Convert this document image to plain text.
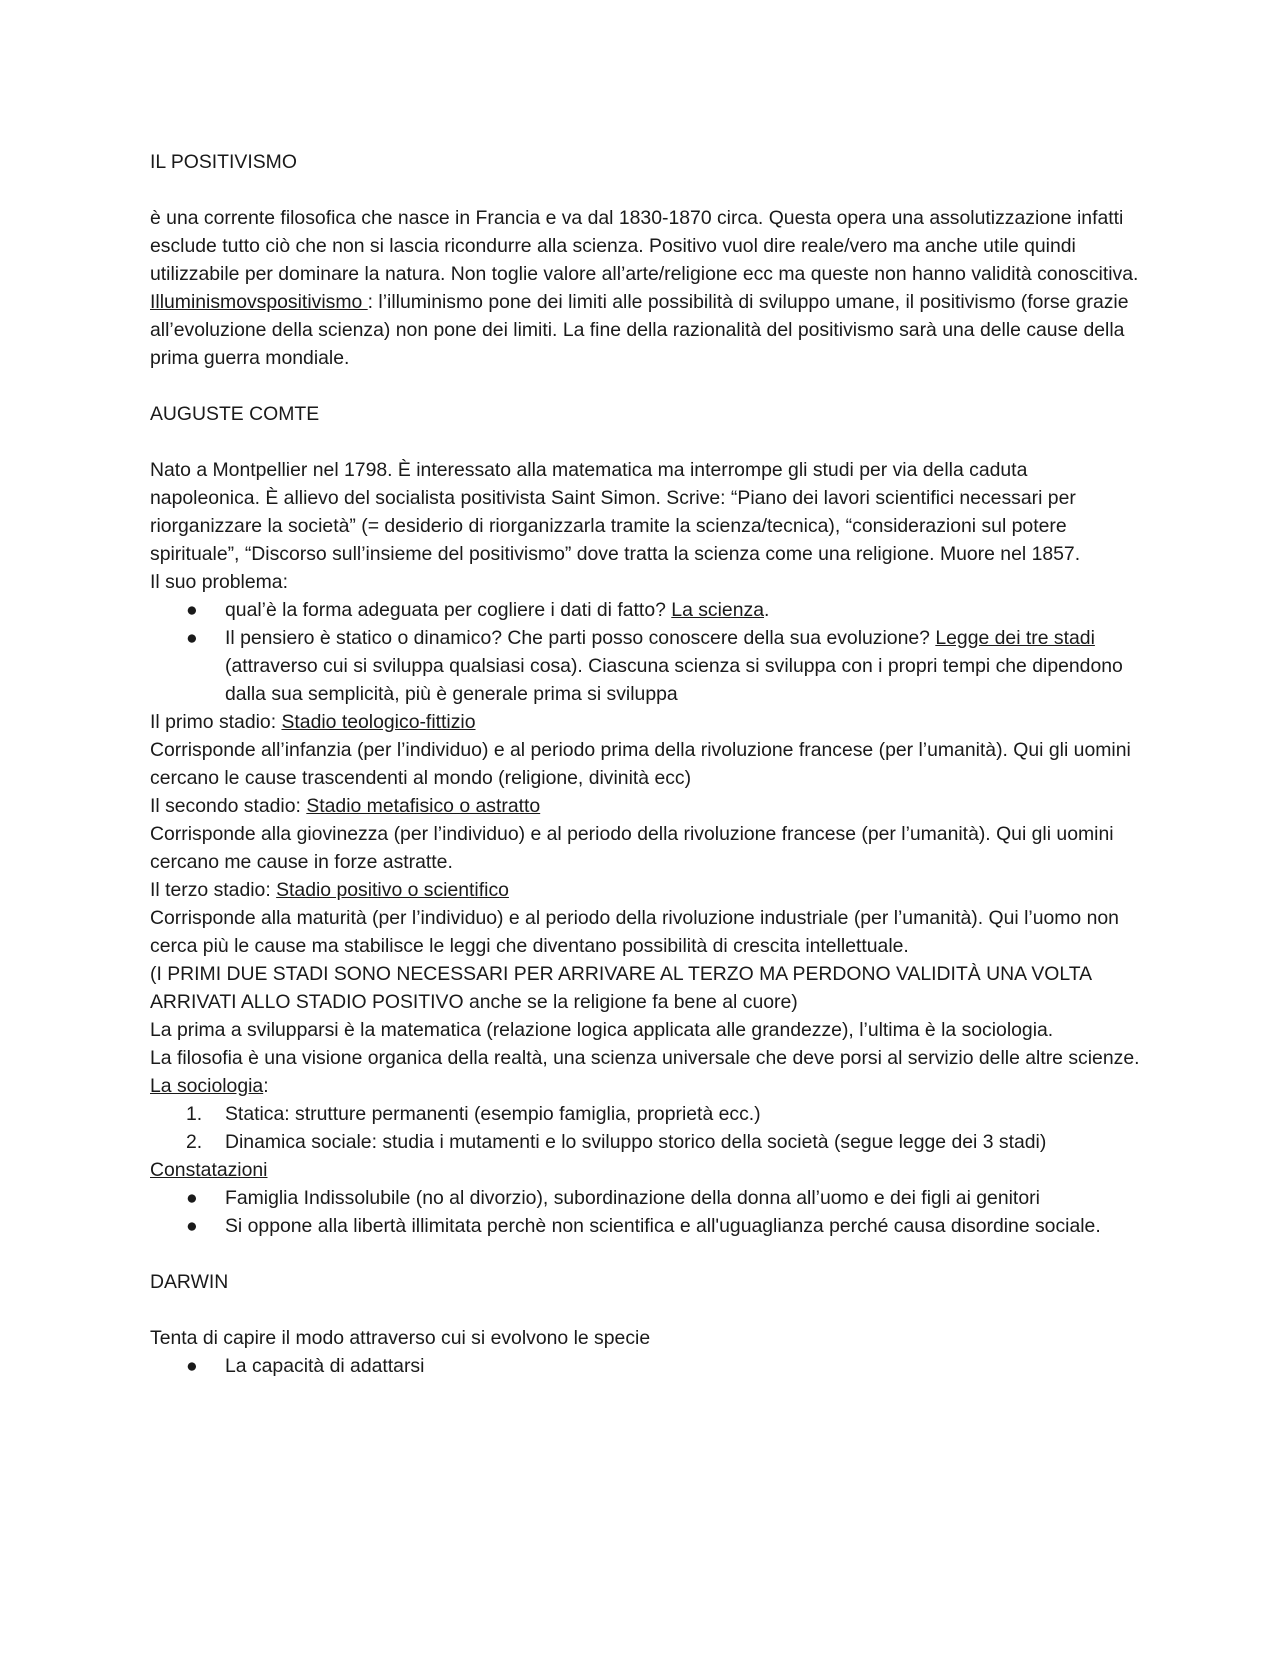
IL POSITIVISMO

è una corrente filosofica che nasce in Francia e va dal 1830-1870 circa. Questa opera una assolutizzazione infatti esclude tutto ciò che non si lascia ricondurre alla scienza. Positivo vuol dire reale/vero ma anche utile quindi utilizzabile per dominare la natura. Non toglie valore all’arte/religione ecc ma queste non hanno validità conoscitiva.

Illuminismovspositivismo : l’illuminismo pone dei limiti alle possibilità di sviluppo umane, il positivismo (forse grazie all’evoluzione della scienza) non pone dei limiti. La fine della razionalità del positivismo sarà una delle cause della prima guerra mondiale.

AUGUSTE COMTE

Nato a Montpellier nel 1798. È interessato alla matematica ma interrompe gli studi per via della caduta napoleonica. È allievo del socialista positivista Saint Simon. Scrive: “Piano dei lavori scientifici necessari per riorganizzare la società” (= desiderio di riorganizzarla tramite la scienza/tecnica), “considerazioni sul potere spirituale”, “Discorso sull’insieme del positivismo” dove tratta la scienza come una religione. Muore nel 1857.

Il suo problema:

●	qual’è la forma adeguata per cogliere i dati di fatto? La scienza.
●	Il pensiero è statico o dinamico? Che parti posso conoscere della sua evoluzione? Legge dei tre stadi (attraverso cui si sviluppa qualsiasi cosa). Ciascuna scienza si sviluppa con i propri tempi che dipendono dalla sua semplicità, più è generale prima si sviluppa

Il primo stadio: Stadio teologico-fittizio

Corrisponde all’infanzia (per l’individuo) e al periodo prima della rivoluzione francese (per l’umanità). Qui gli uomini cercano le cause trascendenti al mondo (religione, divinità ecc)

Il secondo stadio: Stadio metafisico o astratto

Corrisponde alla giovinezza (per l’individuo) e al periodo della rivoluzione francese (per l’umanità). Qui gli uomini cercano me cause in forze astratte.

Il terzo stadio: Stadio positivo o scientifico

Corrisponde alla maturità (per l’individuo) e al periodo della rivoluzione industriale (per l’umanità). Qui l’uomo non cerca più le cause ma stabilisce le leggi che diventano possibilità di crescita intellettuale.

(I PRIMI DUE STADI SONO NECESSARI PER ARRIVARE AL TERZO MA PERDONO VALIDITÀ UNA VOLTA ARRIVATI ALLO STADIO POSITIVO anche se la religione fa bene al cuore)

La prima a svilupparsi è la matematica (relazione logica applicata alle grandezze), l’ultima è la sociologia.

La filosofia è una visione organica della realtà, una scienza universale che deve porsi al servizio delle altre scienze.

La sociologia:

1.	Statica: strutture permanenti (esempio famiglia, proprietà ecc.)
2.	Dinamica sociale: studia i mutamenti e lo sviluppo storico della società (segue legge dei 3 stadi)

Constatazioni

●	Famiglia Indissolubile (no al divorzio), subordinazione della donna all’uomo e dei figli ai genitori
●	Si oppone alla libertà illimitata perchè non scientifica e all'uguaglianza perché causa disordine sociale.

DARWIN

Tenta di capire il modo attraverso cui si evolvono le specie

●	La capacità di adattarsi
